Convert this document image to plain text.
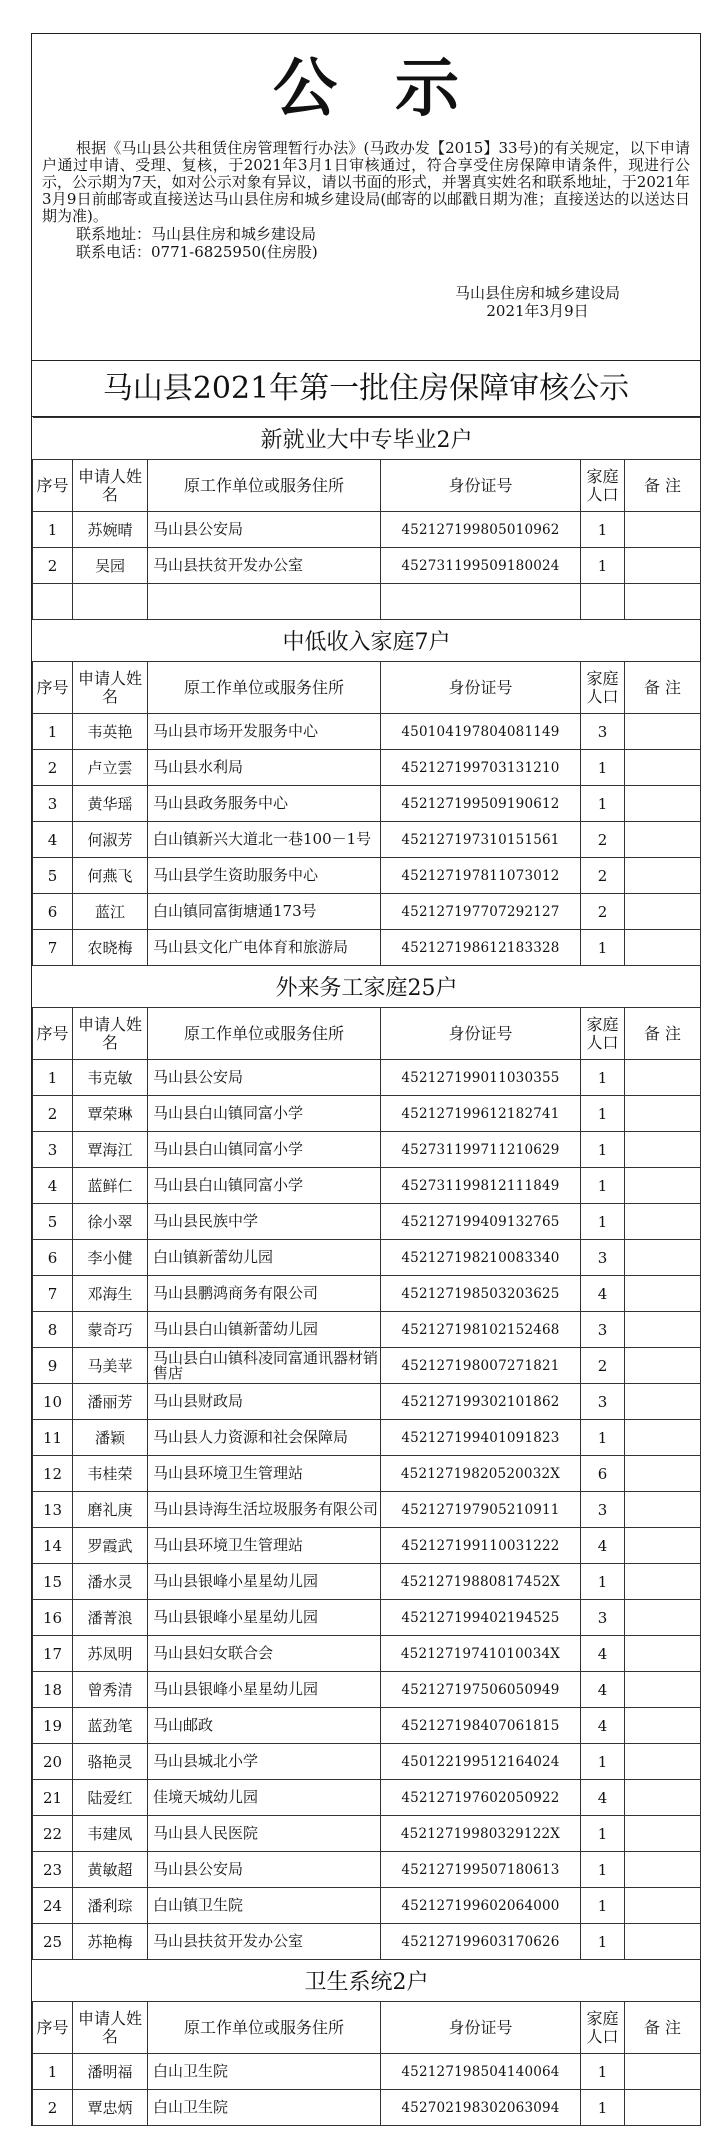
公示

根据《马山县公共租赁住房管理暂行办法》(马政办发【2015】33号)的有关规定，以下申请户通过申请、受理、复核，于2021年3月1日审核通过，符合享受住房保障申请条件，现进行公示，公示期为7天，如对公示对象有异议，请以书面的形式，并署真实姓名和联系地址，于2021年3月9日前邮寄或直接送达马山县住房和城乡建设局(邮寄的以邮戳日期为准；直接送达的以送达日期为准)。

联系地址：马山县住房和城乡建设局
联系电话：0771-6825950(住房股)
马山县住房和城乡建设局
2021年3月9日
马山县2021年第一批住房保障审核公示
新就业大中专毕业2户					
序号	申请人姓名	原工作单位或服务住所	身份证号	家庭人口	备 注
1	苏婉晴	马山县公安局	452127199805010962	1	
2	吴园	马山县扶贫开发办公室	452731199509180024	1	

中低收入家庭7户					
序号	申请人姓名	原工作单位或服务住所	身份证号	家庭人口	备 注
1	韦英艳	马山县市场开发服务中心	450104197804081149	3	
2	卢立雲	马山县水利局	452127199703131210	1	
3	黄华瑶	马山县政务服务中心	452127199509190612	1	
4	何淑芳	白山镇新兴大道北一巷100－1号	452127197310151561	2	
5	何燕飞	马山县学生资助服务中心	452127197811073012	2	
6	蓝江	白山镇同富街塘通173号	452127197707292127	2	
7	农晓梅	马山县文化广电体育和旅游局	452127198612183328	1	
外来务工家庭25户					
序号	申请人姓名	原工作单位或服务住所	身份证号	家庭人口	备 注
1	韦克敏	马山县公安局	452127199011030355	1	
2	覃荣琳	马山县白山镇同富小学	452127199612182741	1	
3	覃海江	马山县白山镇同富小学	452731199711210629	1	
4	蓝鲜仁	马山县白山镇同富小学	452731199812111849	1	
5	徐小翠	马山县民族中学	452127199409132765	1	
6	李小健	白山镇新蕾幼儿园	452127198210083340	3	
7	邓海生	马山县鹏鸿商务有限公司	452127198503203625	4	
8	蒙奇巧	马山县白山镇新蕾幼儿园	452127198102152468	3	
9	马美苹	马山县白山镇科凌同富通讯器材销售店	452127198007271821	2	
10	潘丽芳	马山县财政局	452127199302101862	3	
11	潘颖	马山县人力资源和社会保障局	452127199401091823	1	
12	韦桂荣	马山县环境卫生管理站	45212719820520032X	6	
13	磨礼庚	马山县诗海生活垃圾服务有限公司	452127197905210911	3	
14	罗霞武	马山县环境卫生管理站	452127199110031222	4	
15	潘水灵	马山县银峰小星星幼儿园	45212719880817452X	1	
16	潘菁浪	马山县银峰小星星幼儿园	452127199402194525	3	
17	苏凤明	马山县妇女联合会	45212719741010034X	4	
18	曾秀清	马山县银峰小星星幼儿园	452127197506050949	4	
19	蓝劲笔	马山邮政	452127198407061815	4	
20	骆艳灵	马山县城北小学	450122199512164024	1	
21	陆爱红	佳境天城幼儿园	452127197602050922	4	
22	韦建凤	马山县人民医院	45212719980329122X	1	
23	黄敏超	马山县公安局	452127199507180613	1	
24	潘利琮	白山镇卫生院	452127199602064000	1	
25	苏艳梅	马山县扶贫开发办公室	452127199603170626	1	
卫生系统2户					
序号	申请人姓名	原工作单位或服务住所	身份证号	家庭人口	备 注
1	潘明福	白山卫生院	452127198504140064	1	
2	覃忠炳	白山卫生院	452702198302063094	1	
